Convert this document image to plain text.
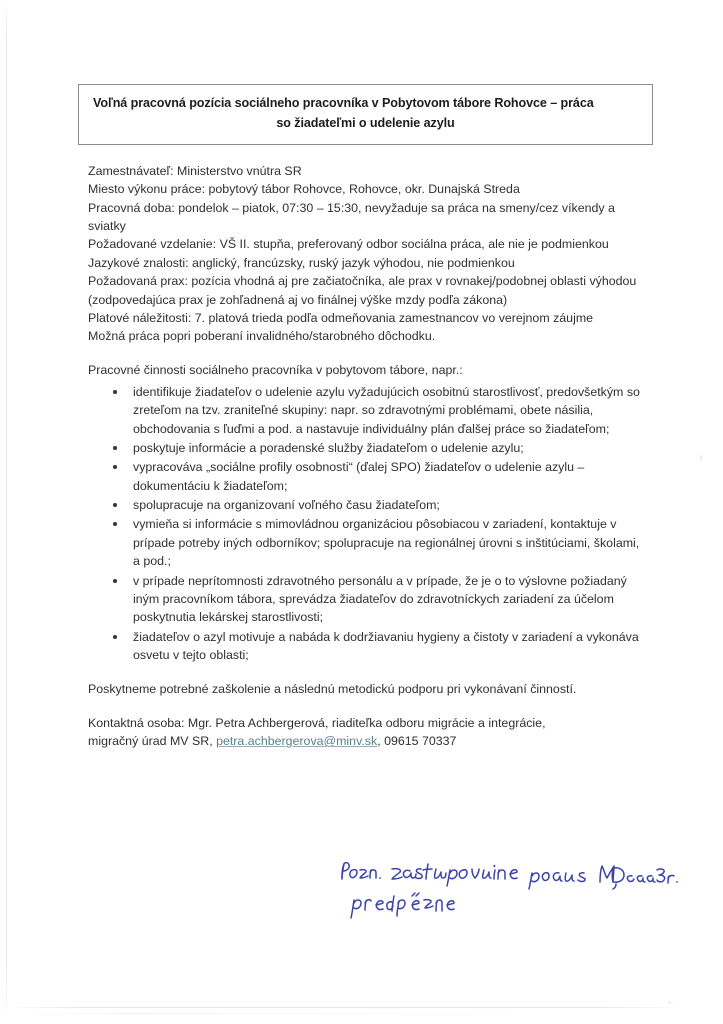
Voľná pracovná pozícia sociálneho pracovníka v Pobytovom tábore Rohovce – práca
so žiadateľmi o udelenie azylu

Zamestnávateľ: Ministerstvo vnútra SR

Miesto výkonu práce: pobytový tábor Rohovce, Rohovce, okr. Dunajská Streda

Pracovná doba: pondelok – piatok, 07:30 – 15:30, nevyžaduje sa práca na smeny/cez víkendy a sviatky

Požadované vzdelanie: VŠ II. stupňa, preferovaný odbor sociálna práca, ale nie je podmienkou

Jazykové znalosti: anglický, francúzsky, ruský jazyk výhodou, nie podmienkou

Požadovaná prax: pozícia vhodná aj pre začiatočníka, ale prax v rovnakej/podobnej oblasti výhodou (zodpovedajúca prax je zohľadnená aj vo finálnej výške mzdy podľa zákona)

Platové náležitosti: 7. platová trieda podľa odmeňovania zamestnancov vo verejnom záujme

Možná práca popri poberaní invalidného/starobného dôchodku.

Pracovné činnosti sociálneho pracovníka v pobytovom tábore, napr.:

identifikuje žiadateľov o udelenie azylu vyžadujúcich osobitnú starostlivosť, predovšetkým so zreteľom na tzv. zraniteľné skupiny: napr. so zdravotnými problémami, obete násilia, obchodovania s ľuďmi a pod. a nastavuje individuálny plán ďalšej práce so žiadateľom;
poskytuje informácie a poradenské služby žiadateľom o udelenie azylu;
vypracováva „sociálne profily osobnosti“ (ďalej SPO) žiadateľov o udelenie azylu – dokumentáciu k žiadateľom;
spolupracuje na organizovaní voľného času žiadateľom;
vymieňa si informácie s mimovládnou organizáciou pôsobiacou v zariadení, kontaktuje v prípade potreby iných odborníkov; spolupracuje na regionálnej úrovni s inštitúciami, školami, a pod.;
v prípade neprítomnosti zdravotného personálu a v prípade, že je o to výslovne požiadaný iným pracovníkom tábora, sprevádza žiadateľov do zdravotníckych zariadení za účelom poskytnutia lekárskej starostlivosti;
žiadateľov o azyl motivuje a nabáda k dodržiavaniu hygieny a čistoty v zariadení a vykonáva osvetu v tejto oblasti;

Poskytneme potrebné zaškolenie a následnú metodickú podporu pri vykonávaní činností.

Kontaktná osoba: Mgr. Petra Achbergerová, riaditeľka odboru migrácie a integrácie,

migračný úrad MV SR, petra.achbergerova@minv.sk, 09615 70337
